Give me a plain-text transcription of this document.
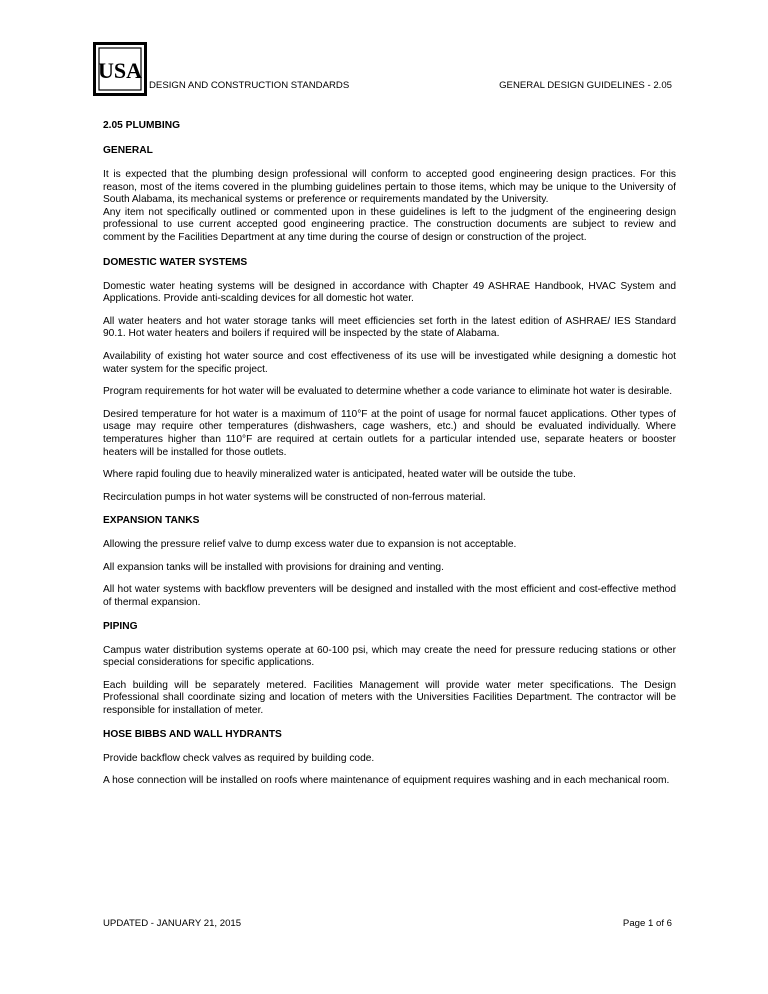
USA
DESIGN AND CONSTRUCTION STANDARDS	GENERAL DESIGN GUIDELINES - 2.05
2.05 PLUMBING
GENERAL

It is expected that the plumbing design professional will conform to accepted good engineering design practices. For this reason, most of the items covered in the plumbing guidelines pertain to those items, which may be unique to the University of South Alabama, its mechanical systems or preference or requirements mandated by the University.

Any item not specifically outlined or commented upon in these guidelines is left to the judgment of the engineering design professional to use current accepted good engineering practice. The construction documents are subject to review and comment by the Facilities Department at any time during the course of design or construction of the project.

DOMESTIC WATER SYSTEMS

Domestic water heating systems will be designed in accordance with Chapter 49 ASHRAE Handbook, HVAC System and Applications. Provide anti-scalding devices for all domestic hot water.

All water heaters and hot water storage tanks will meet efficiencies set forth in the latest edition of ASHRAE/ IES Standard 90.1. Hot water heaters and boilers if required will be inspected by the state of Alabama.

Availability of existing hot water source and cost effectiveness of its use will be investigated while designing a domestic hot water system for the specific project.

Program requirements for hot water will be evaluated to determine whether a code variance to eliminate hot water is desirable.

Desired temperature for hot water is a maximum of 110°F at the point of usage for normal faucet applications. Other types of usage may require other temperatures (dishwashers, cage washers, etc.) and should be evaluated individually. Where temperatures higher than 110°F are required at certain outlets for a particular intended use, separate heaters or booster heaters will be installed for those outlets.

Where rapid fouling due to heavily mineralized water is anticipated, heated water will be outside the tube.

Recirculation pumps in hot water systems will be constructed of non-ferrous material.

EXPANSION TANKS

Allowing the pressure relief valve to dump excess water due to expansion is not acceptable.

All expansion tanks will be installed with provisions for draining and venting.

All hot water systems with backflow preventers will be designed and installed with the most efficient and cost-effective method of thermal expansion.

PIPING

Campus water distribution systems operate at 60-100 psi, which may create the need for pressure reducing stations or other special considerations for specific applications.

Each building will be separately metered. Facilities Management will provide water meter specifications. The Design Professional shall coordinate sizing and location of meters with the Universities Facilities Department. The contractor will be responsible for installation of meter.

HOSE BIBBS AND WALL HYDRANTS

Provide backflow check valves as required by building code.

A hose connection will be installed on roofs where maintenance of equipment requires washing and in each mechanical room.

UPDATED - JANUARY 21, 2015	Page 1 of 6
